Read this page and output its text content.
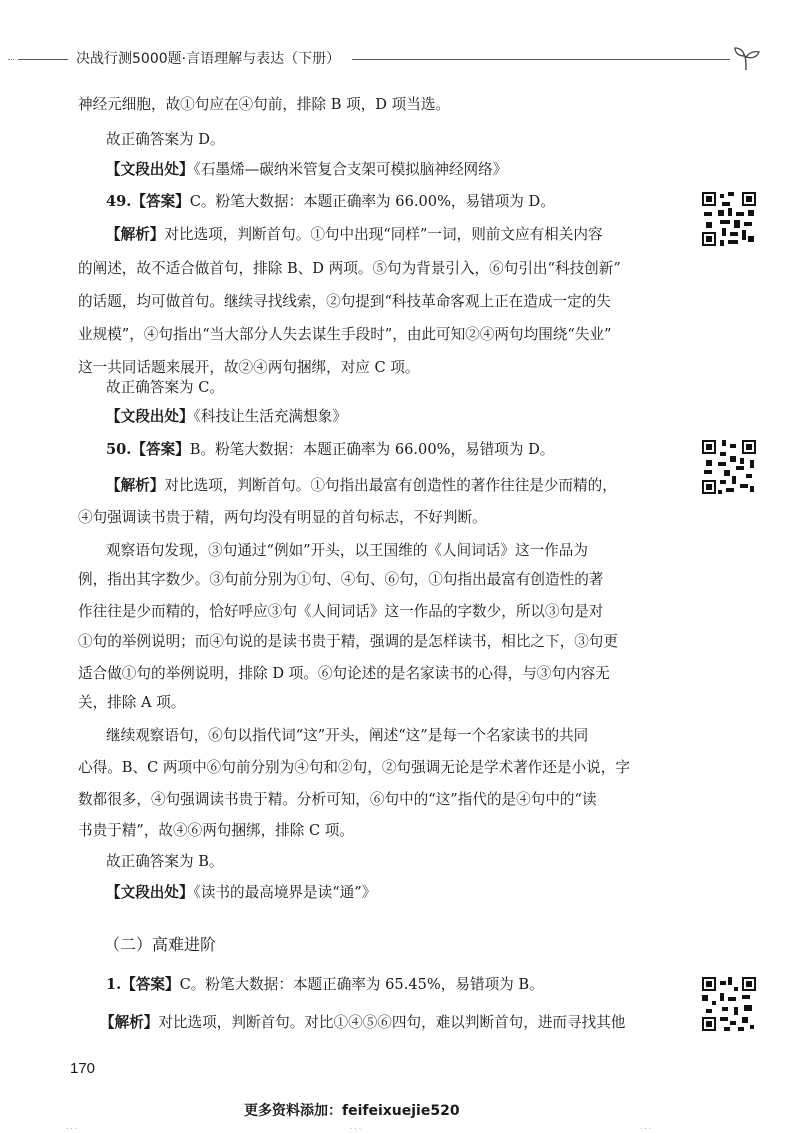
决战行测5000题·言语理解与表达（下册）
神经元细胞，故①句应在④句前，排除 B 项，D 项当选。
故正确答案为 D。
【文段出处】《石墨烯—碳纳米管复合支架可模拟脑神经网络》
49.【答案】C。粉笔大数据：本题正确率为 66.00%，易错项为 D。
【解析】对比选项，判断首句。①句中出现“同样”一词，则前文应有相关内容
的阐述，故不适合做首句，排除 B、D 两项。⑤句为背景引入，⑥句引出“科技创新”
的话题，均可做首句。继续寻找线索，②句提到“科技革命客观上正在造成一定的失
业规模”，④句指出“当大部分人失去谋生手段时”，由此可知②④两句均围绕“失业”
这一共同话题来展开，故②④两句捆绑，对应 C 项。
故正确答案为 C。
【文段出处】《科技让生活充满想象》
50.【答案】B。粉笔大数据：本题正确率为 66.00%，易错项为 D。
【解析】对比选项，判断首句。①句指出最富有创造性的著作往往是少而精的，
④句强调读书贵于精，两句均没有明显的首句标志，不好判断。
观察语句发现，③句通过“例如”开头，以王国维的《人间词话》这一作品为
例，指出其字数少。③句前分别为①句、④句、⑥句，①句指出最富有创造性的著
作往往是少而精的，恰好呼应③句《人间词话》这一作品的字数少，所以③句是对
①句的举例说明；而④句说的是读书贵于精，强调的是怎样读书，相比之下，③句更
适合做①句的举例说明，排除 D 项。⑥句论述的是名家读书的心得，与③句内容无
关，排除 A 项。
继续观察语句，⑥句以指代词“这”开头，阐述“这”是每一个名家读书的共同
心得。B、C 两项中⑥句前分别为④句和②句，②句强调无论是学术著作还是小说，字
数都很多，④句强调读书贵于精。分析可知，⑥句中的“这”指代的是④句中的“读
书贵于精”，故④⑥两句捆绑，排除 C 项。
故正确答案为 B。
【文段出处】《读书的最高境界是读“通”》
（二）高难进阶
1.【答案】C。粉笔大数据：本题正确率为 65.45%，易错项为 B。
【解析】对比选项，判断首句。对比①④⑤⑥四句，难以判断首句，进而寻找其他
170
更多资料添加：feifeixuejie520
· · ·	· · ·	· · ·
